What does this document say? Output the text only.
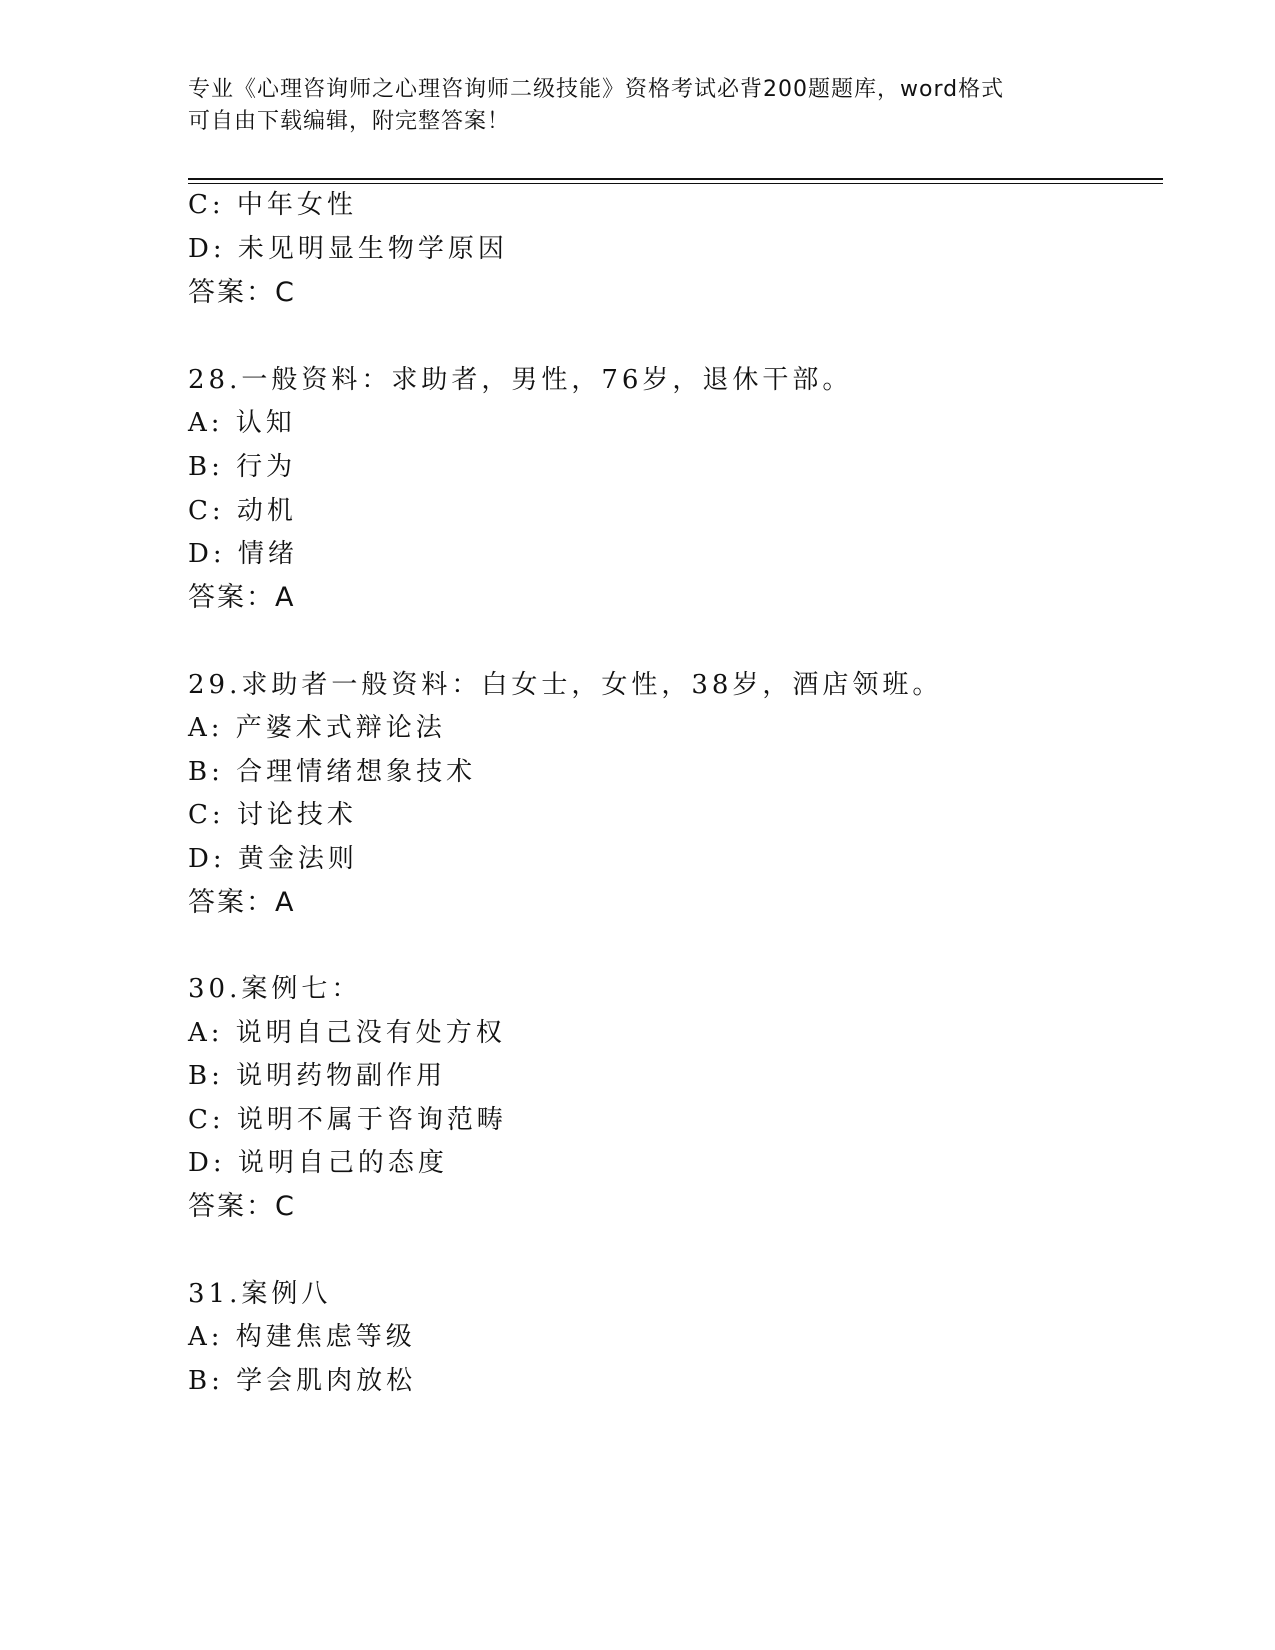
专业《心理咨询师之心理咨询师二级技能》资格考试必背200题题库，word格式
可自由下载编辑，附完整答案！
C: 中年女性
D: 未见明显生物学原因
答案：C
28.一般资料：求助者，男性，76岁，退休干部。
A: 认知
B: 行为
C: 动机
D: 情绪
答案：A
29.求助者一般资料：白女士，女性，38岁，酒店领班。
A: 产婆术式辩论法
B: 合理情绪想象技术
C: 讨论技术
D: 黄金法则
答案：A
30.案例七：
A: 说明自己没有处方权
B: 说明药物副作用
C: 说明不属于咨询范畴
D: 说明自己的态度
答案：C
31.案例八
A: 构建焦虑等级
B: 学会肌肉放松
